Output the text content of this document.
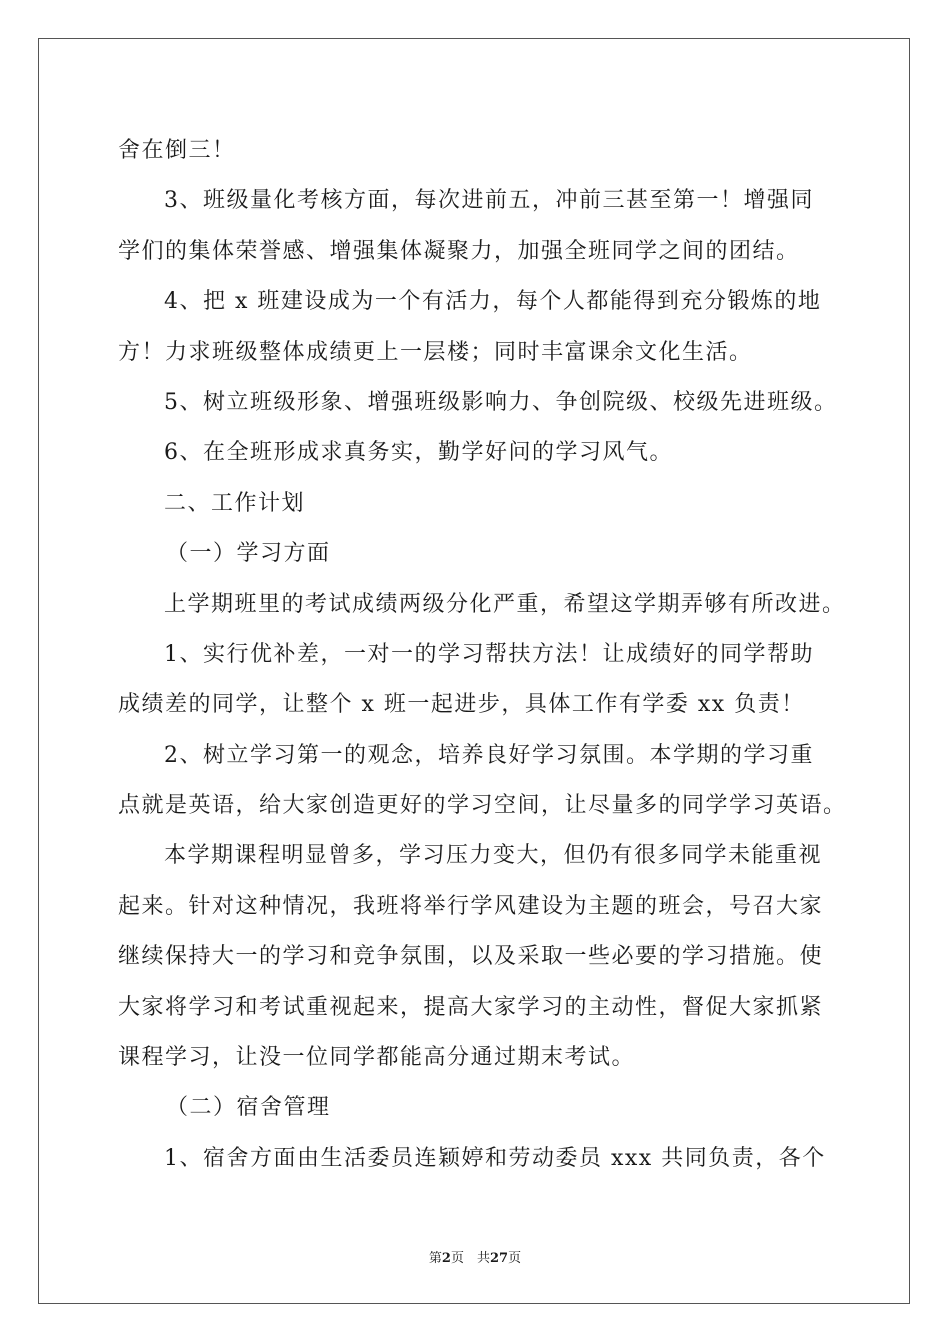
舍在倒三！
3、班级量化考核方面，每次进前五，冲前三甚至第一！增强同
学们的集体荣誉感、增强集体凝聚力，加强全班同学之间的团结。
4、把 x 班建设成为一个有活力，每个人都能得到充分锻炼的地
方！力求班级整体成绩更上一层楼；同时丰富课余文化生活。
5、树立班级形象、增强班级影响力、争创院级、校级先进班级。
6、在全班形成求真务实，勤学好问的学习风气。
二、工作计划
（一）学习方面
上学期班里的考试成绩两级分化严重，希望这学期弄够有所改进。
1、实行优补差，一对一的学习帮扶方法！让成绩好的同学帮助
成绩差的同学，让整个 x 班一起进步，具体工作有学委 xx 负责！
2、树立学习第一的观念，培养良好学习氛围。本学期的学习重
点就是英语，给大家创造更好的学习空间，让尽量多的同学学习英语。
本学期课程明显曾多，学习压力变大，但仍有很多同学未能重视
起来。针对这种情况，我班将举行学风建设为主题的班会，号召大家
继续保持大一的学习和竞争氛围，以及采取一些必要的学习措施。使
大家将学习和考试重视起来，提高大家学习的主动性，督促大家抓紧
课程学习，让没一位同学都能高分通过期末考试。
（二）宿舍管理
1、宿舍方面由生活委员连颖婷和劳动委员 xxx 共同负责，各个
第2页　共27页
